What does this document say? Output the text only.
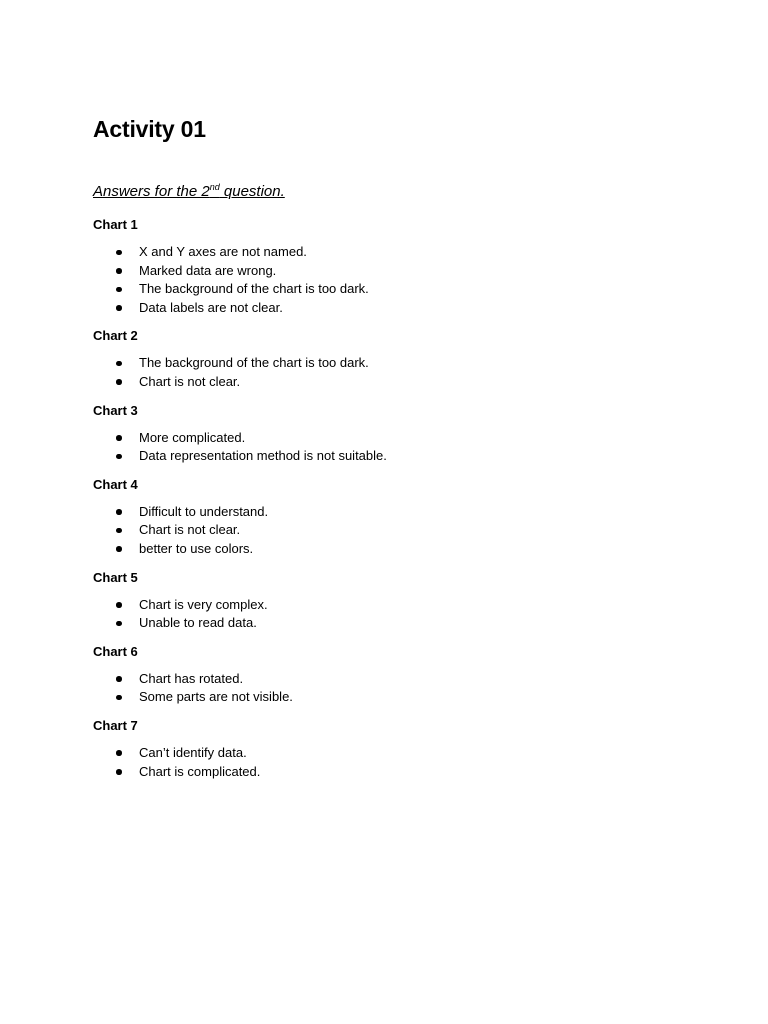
Activity 01

Answers for the 2nd question.

Chart 1
X and Y axes are not named.
Marked data are wrong.
The background of the chart is too dark.
Data labels are not clear.
Chart 2
The background of the chart is too dark.
Chart is not clear.
Chart 3
More complicated.
Data representation method is not suitable.
Chart 4
Difficult to understand.
Chart is not clear.
better to use colors.
Chart 5
Chart is very complex.
Unable to read data.
Chart 6
Chart has rotated.
Some parts are not visible.
Chart 7
Can’t identify data.
Chart is complicated.
